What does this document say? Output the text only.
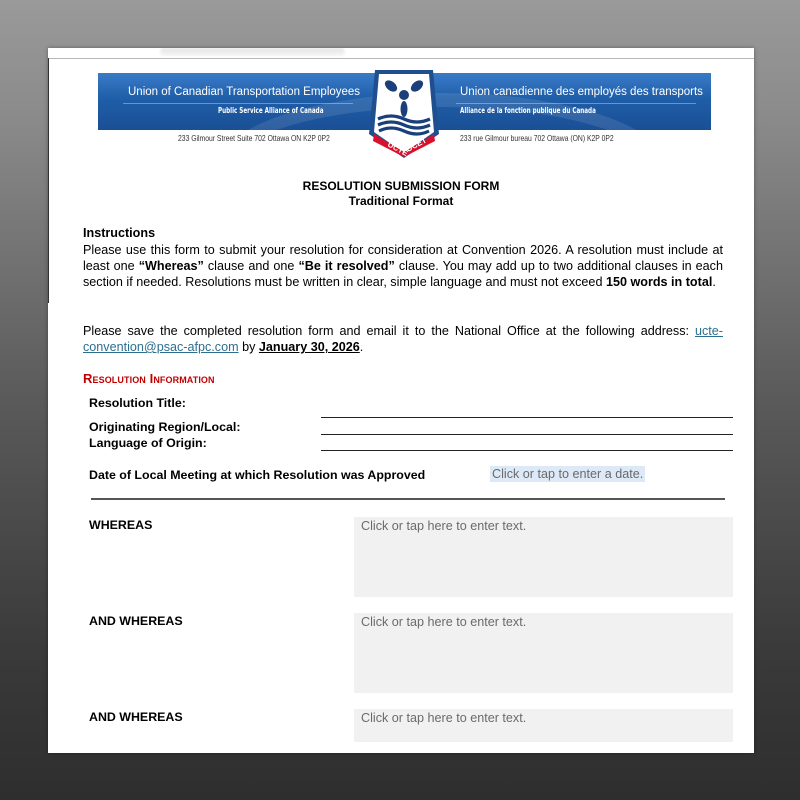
Union of Canadian Transportation Employees
Public Service Alliance of Canada
Union canadienne des employés des transports
Alliance de la fonction publique du Canada
233 Gilmour Street Suite 702 Ottawa ON K2P 0P2	233 rue Gilmour bureau 702 Ottawa (ON) K2P 0P2
UCTE
UCET
RESOLUTION SUBMISSION FORM
Traditional Format
Instructions
Please use this form to submit your resolution for consideration at Convention 2026. A resolution must include at least one “Whereas” clause and one “Be it resolved” clause. You may add up to two additional clauses in each section if needed. Resolutions must be written in clear, simple language and must not exceed 150 words in total.
Please save the completed resolution form and email it to the National Office at the following address: ucte-convention@psac-afpc.com by January 30, 2026.
Resolution Information
Resolution Title:
Originating Region/Local:
Language of Origin:
Date of Local Meeting at which Resolution was Approved	Click or tap to enter a date.
WHEREAS	Click or tap here to enter text.
AND WHEREAS	Click or tap here to enter text.
AND WHEREAS	Click or tap here to enter text.
